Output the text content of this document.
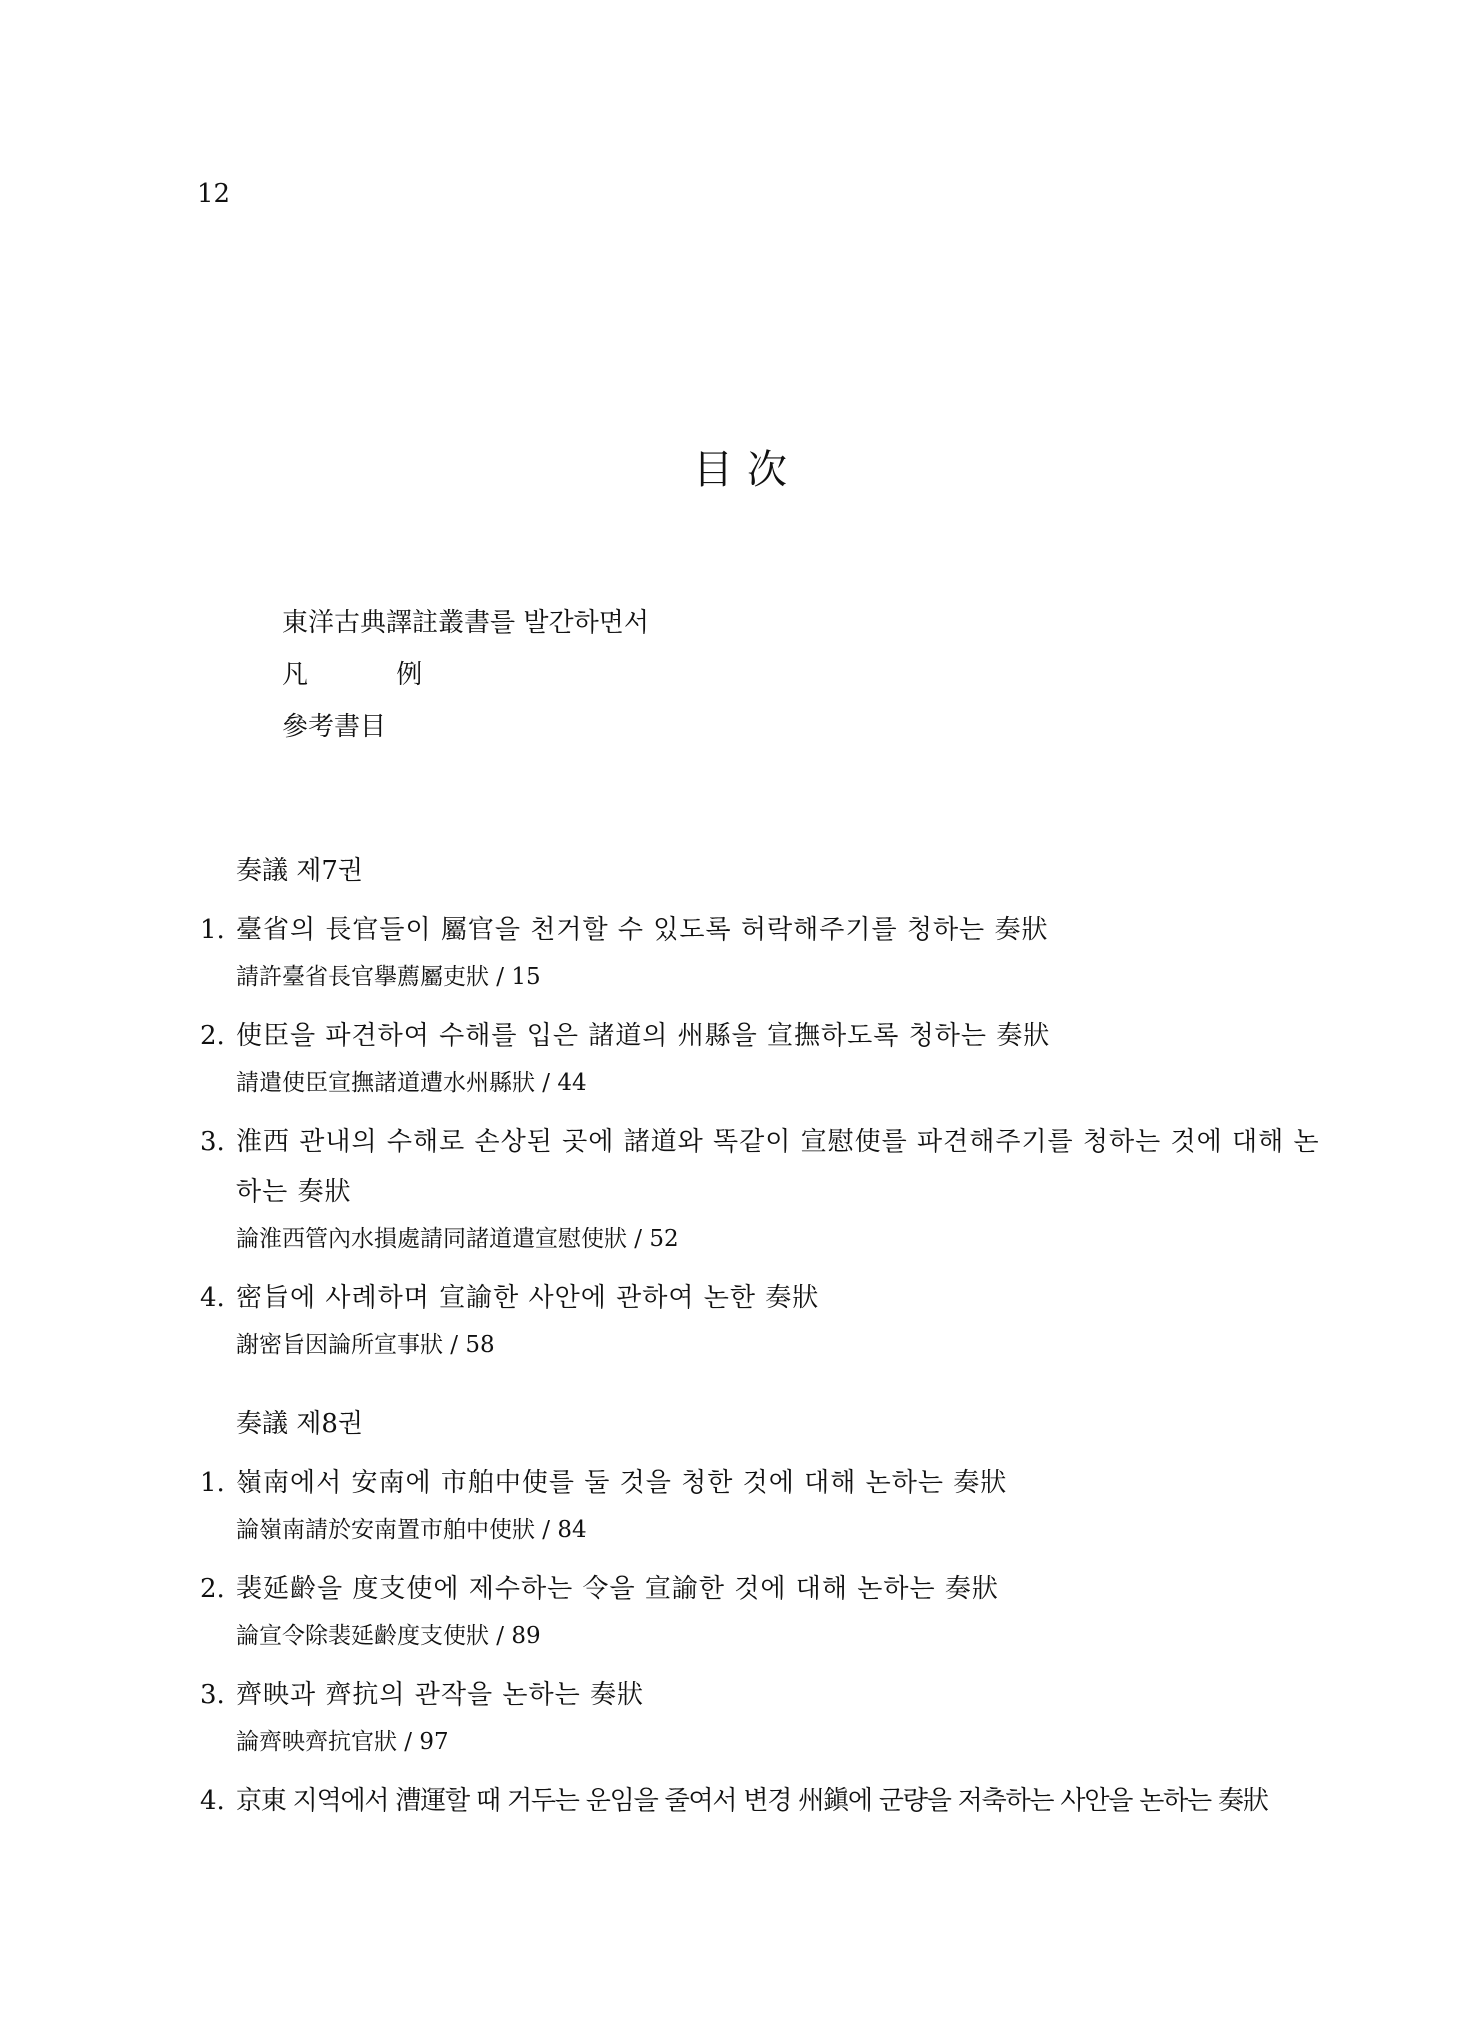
12
目次
東洋古典譯註叢書를 발간하면서
凡 例
參考書目
奏議 제7권
1. 臺省의 長官들이 屬官을 천거할 수 있도록 허락해주기를 청하는 奏狀
請許臺省長官擧薦屬吏狀 / 15
2. 使臣을 파견하여 수해를 입은 諸道의 州縣을 宣撫하도록 청하는 奏狀
請遣使臣宣撫諸道遭水州縣狀 / 44
3. 淮西 관내의 수해로 손상된 곳에 諸道와 똑같이 宣慰使를 파견해주기를 청하는 것에 대해 논하는 奏狀
論淮西管內水損處請同諸道遣宣慰使狀 / 52
4. 密旨에 사례하며 宣諭한 사안에 관하여 논한 奏狀
謝密旨因論所宣事狀 / 58
奏議 제8권
1. 嶺南에서 安南에 市舶中使를 둘 것을 청한 것에 대해 논하는 奏狀
論嶺南請於安南置市舶中使狀 / 84
2. 裴延齡을 度支使에 제수하는 令을 宣諭한 것에 대해 논하는 奏狀
論宣令除裴延齡度支使狀 / 89
3. 齊映과 齊抗의 관작을 논하는 奏狀
論齊映齊抗官狀 / 97
4. 京東 지역에서 漕運할 때 거두는 운임을 줄여서 변경 州鎭에 군량을 저축하는 사안을 논하는 奏狀
